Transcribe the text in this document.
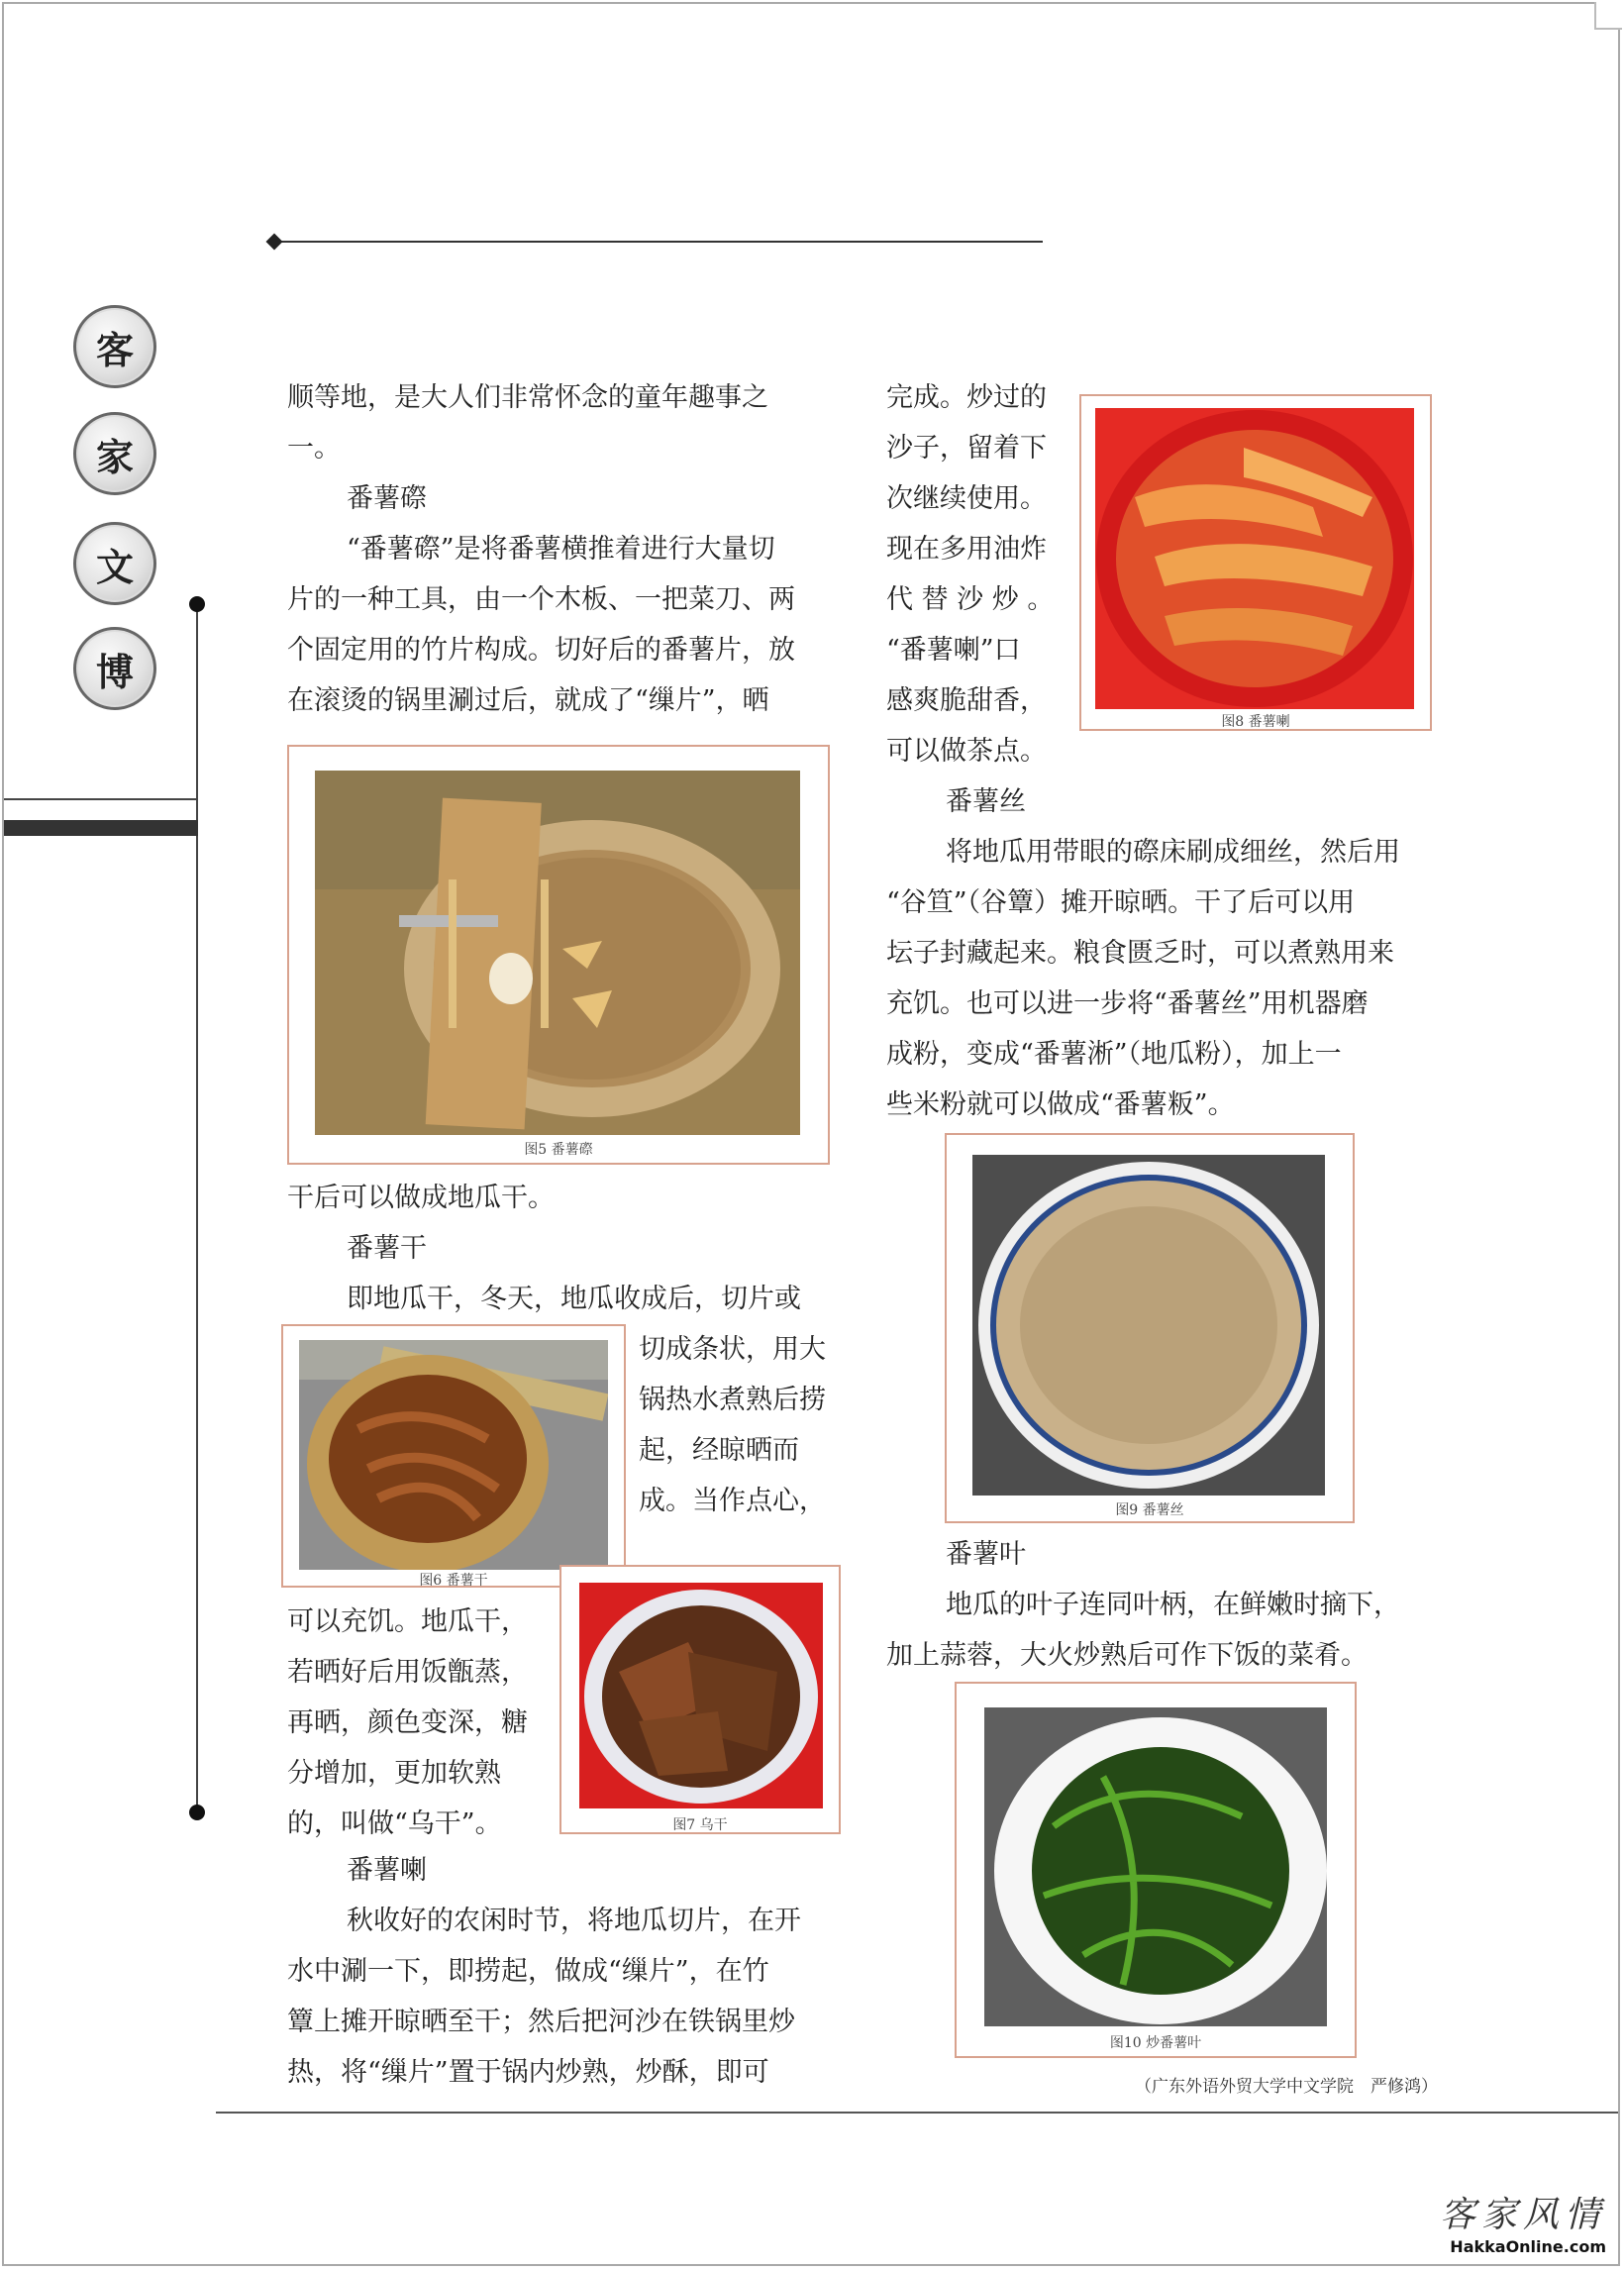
客
家
文
博

顺等地，是大人们非常怀念的童年趣事之

一。

番薯磜

“番薯磜”是将番薯横推着进行大量切

片的一种工具，由一个木板、一把菜刀、两

个固定用的竹片构成。切好后的番薯片，放

在滚烫的锅里涮过后，就成了“缫片”，晒

图5 番薯磜

干后可以做成地瓜干。

番薯干

即地瓜干，冬天，地瓜收成后，切片或

图6 番薯干

切成条状，用大

锅热水煮熟后捞

起，经晾晒而

成。当作点心，

图7 乌干

可以充饥。地瓜干，

若晒好后用饭甑蒸，

再晒，颜色变深，糖

分增加，更加软熟

的，叫做“乌干”。

番薯喇

秋收好的农闲时节，将地瓜切片，在开

水中涮一下，即捞起，做成“缫片”，在竹

簟上摊开晾晒至干；然后把河沙在铁锅里炒

热，将“缫片”置于锅内炒熟，炒酥，即可

完成。炒过的

沙子，留着下

次继续使用。

现在多用油炸

代 替 沙 炒 。

“番薯喇”口

感爽脆甜香，

可以做茶点。

图8 番薯喇

番薯丝

将地瓜用带眼的磜床刷成细丝，然后用

“谷笪”（谷簟）摊开晾晒。干了后可以用

坛子封藏起来。粮食匮乏时，可以煮熟用来

充饥。也可以进一步将“番薯丝”用机器磨

成粉，变成“番薯淅”（地瓜粉），加上一

些米粉就可以做成“番薯粄”。

图9 番薯丝

番薯叶

地瓜的叶子连同叶柄，在鲜嫩时摘下，

加上蒜蓉，大火炒熟后可作下饭的菜肴。

图10 炒番薯叶
（广东外语外贸大学中文学院　严修鸿）
客家风情
HakkaOnline.com
